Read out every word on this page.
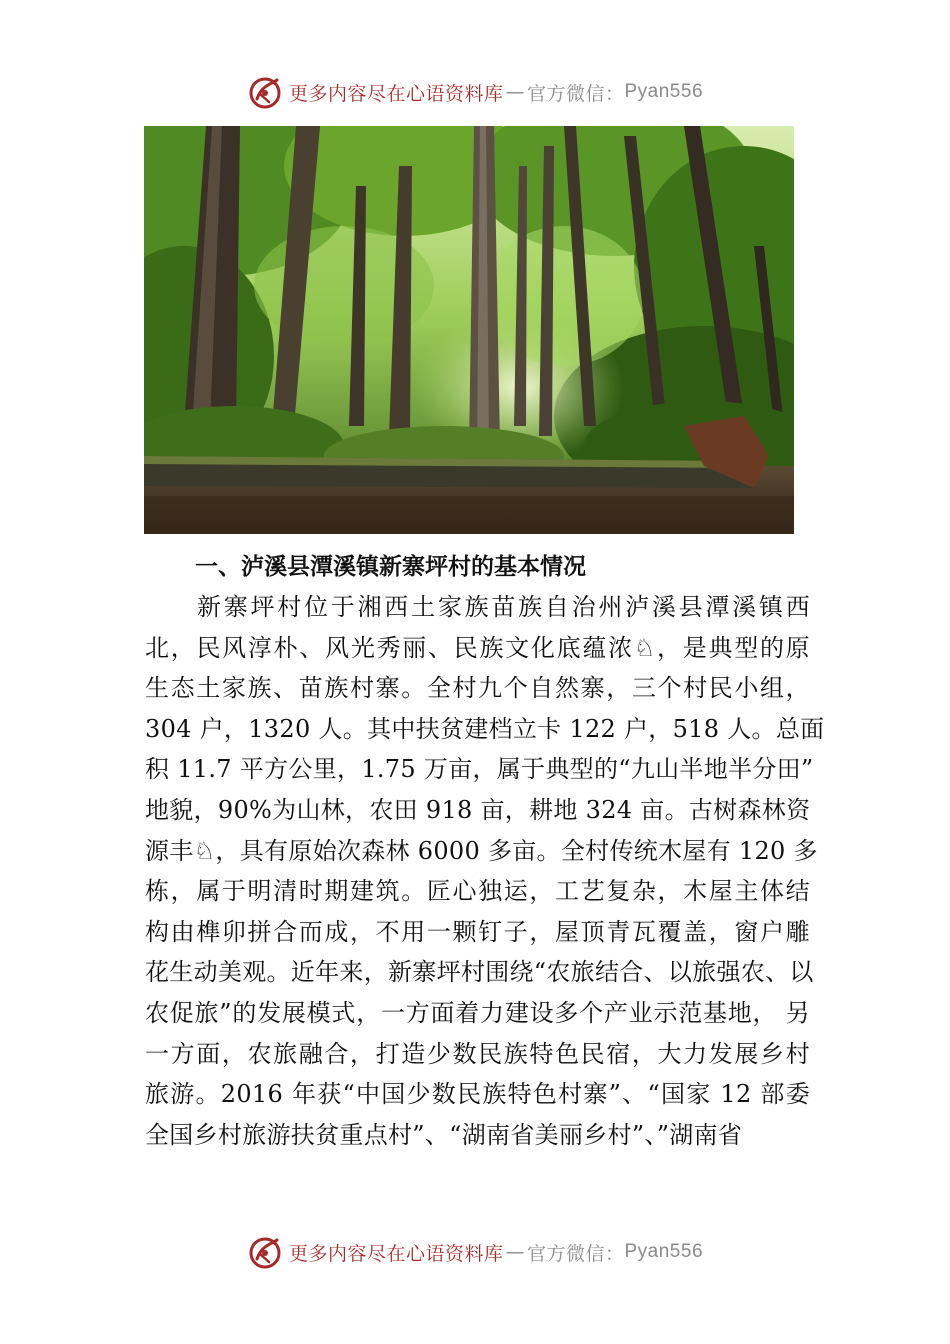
更多内容尽在心语资料库 — 官方微信： Pyan556
一、泸溪县潭溪镇新寨坪村的基本情况
新寨坪村位于湘西土家族苗族自治州泸溪县潭溪镇西
北，民风淳朴、风光秀丽、民族文化底蕴浓♘，是典型的原
生态土家族、苗族村寨。全村九个自然寨，三个村民小组，
304 户，1320 人。其中扶贫建档立卡 122 户，518 人。总面
积 11.7 平方公里，1.75 万亩，属于典型的“九山半地半分田”
地貌，90%为山林，农田 918 亩，耕地 324 亩。古树森林资
源丰♘，具有原始次森林 6000 多亩。全村传统木屋有 120 多
栋，属于明清时期建筑。匠心独运，工艺复杂，木屋主体结
构由榫卯拼合而成，不用一颗钉子，屋顶青瓦覆盖，窗户雕
花生动美观。近年来，新寨坪村围绕“农旅结合、以旅强农、以
农促旅”的发展模式，一方面着力建设多个产业示范基地， 另
一方面，农旅融合，打造少数民族特色民宿，大力发展乡村
旅游。2016 年获“中国少数民族特色村寨”、“国家 12 部委
全国乡村旅游扶贫重点村”、“湖南省美丽乡村”、”湖南省
更多内容尽在心语资料库 — 官方微信： Pyan556
